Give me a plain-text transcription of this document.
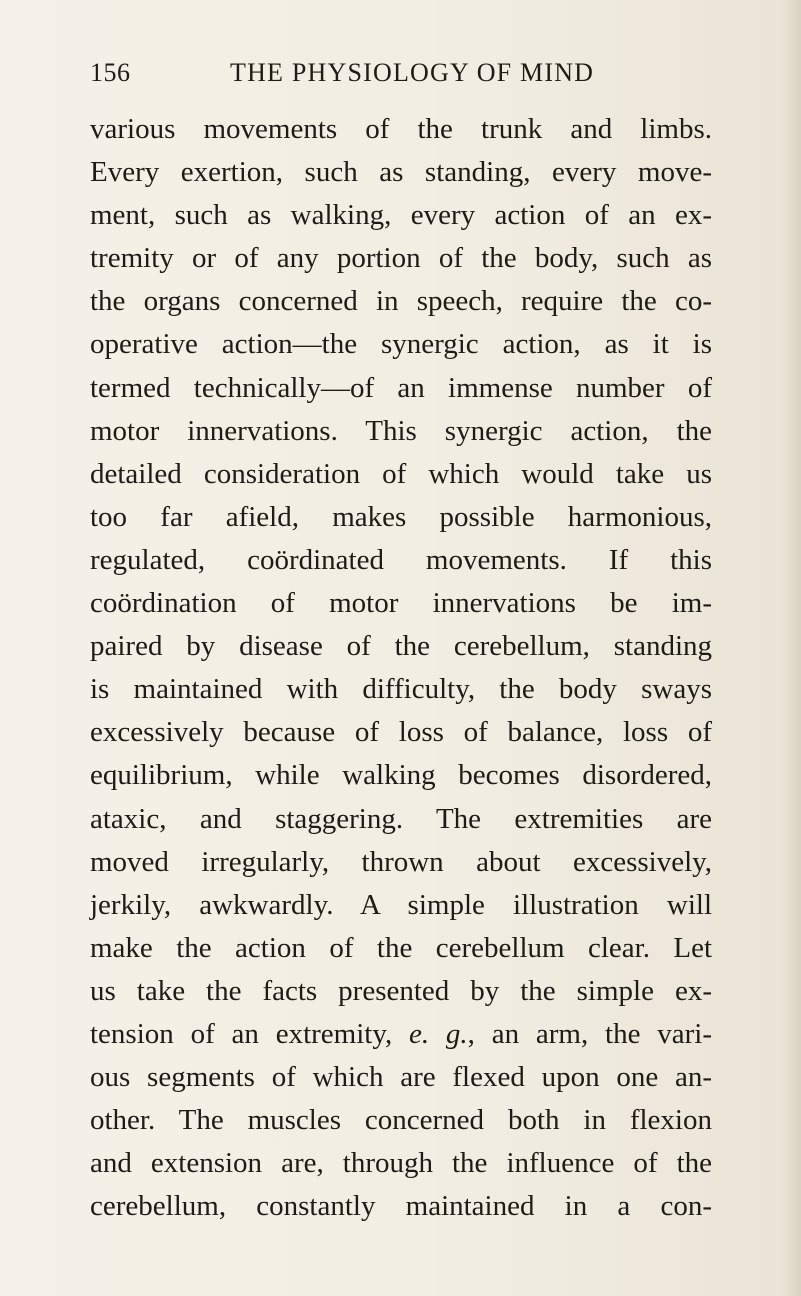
156	THE PHYSIOLOGY OF MIND
various movements of the trunk and limbs.
Every exertion, such as standing, every move-
ment, such as walking, every action of an ex-
tremity or of any portion of the body, such as
the organs concerned in speech, require the co-
operative action—the synergic action, as it is
termed technically—of an immense number of
motor innervations. This synergic action, the
detailed consideration of which would take us
too far afield, makes possible harmonious,
regulated, coördinated movements. If this
coördination of motor innervations be im-
paired by disease of the cerebellum, standing
is maintained with difficulty, the body sways
excessively because of loss of balance, loss of
equilibrium, while walking becomes disordered,
ataxic, and staggering. The extremities are
moved irregularly, thrown about excessively,
jerkily, awkwardly. A simple illustration will
make the action of the cerebellum clear. Let
us take the facts presented by the simple ex-
tension of an extremity, e. g., an arm, the vari-
ous segments of which are flexed upon one an-
other. The muscles concerned both in flexion
and extension are, through the influence of the
cerebellum, constantly maintained in a con-
